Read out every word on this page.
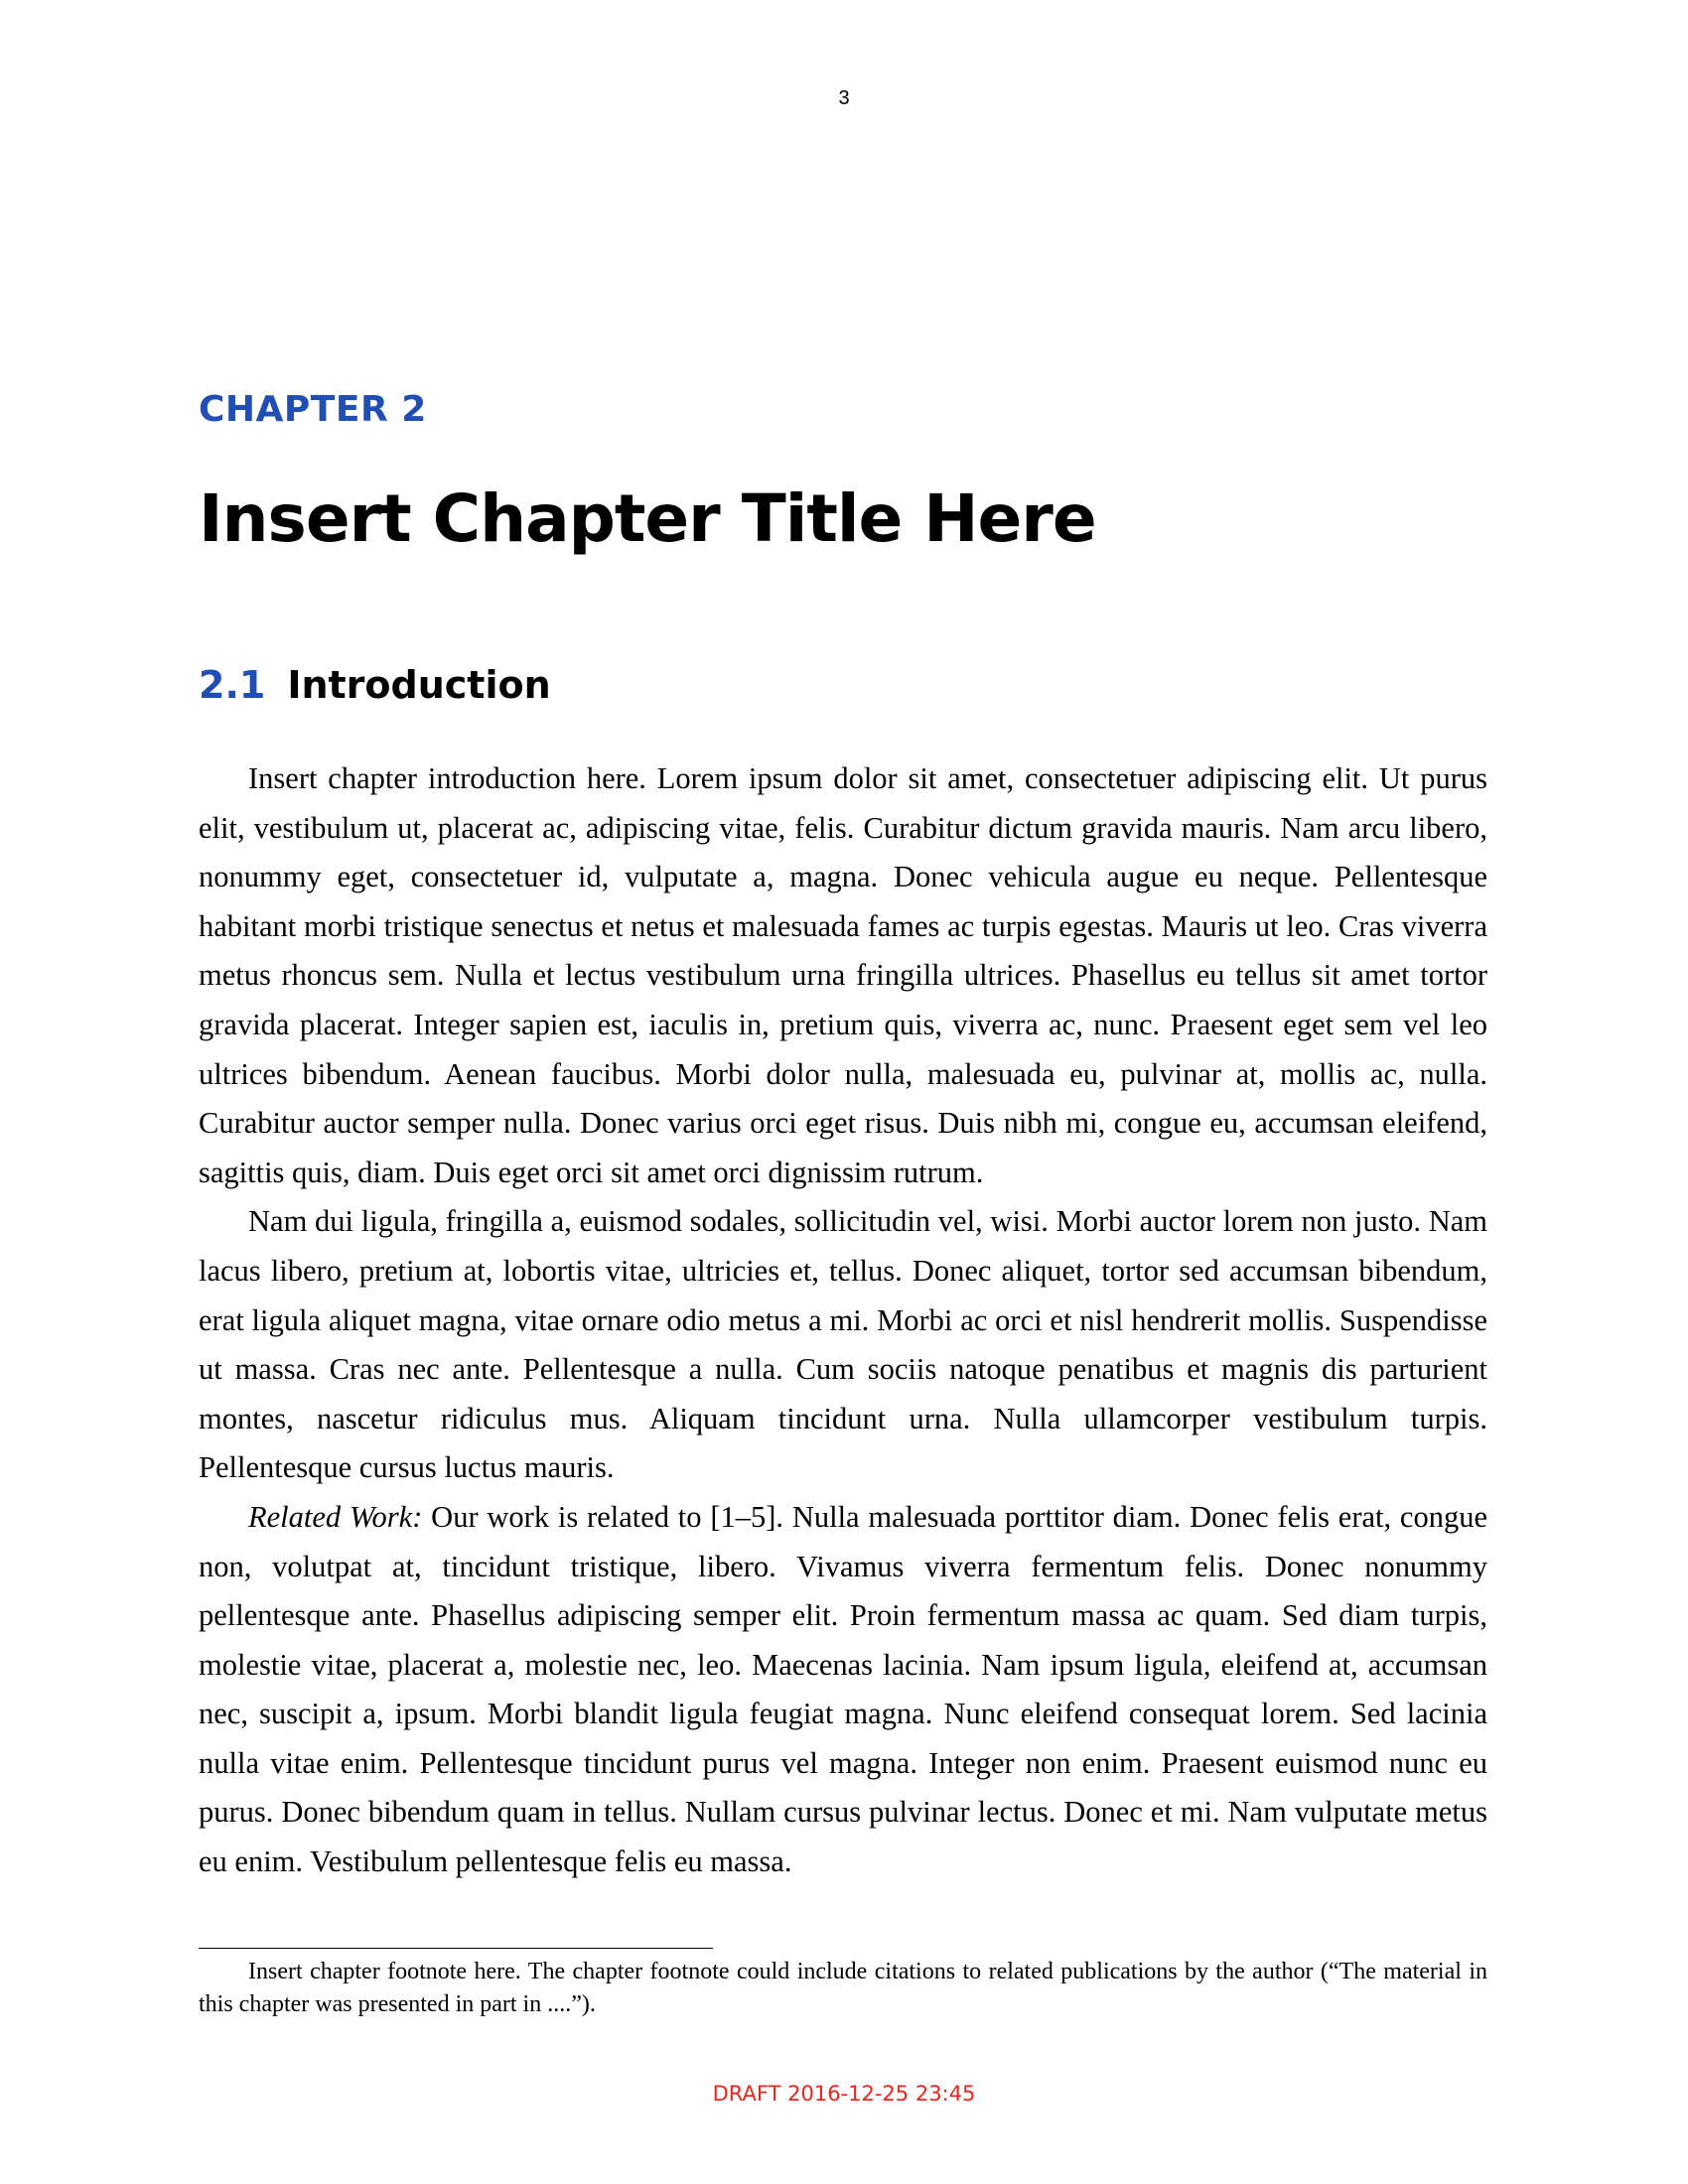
3
CHAPTER 2
Insert Chapter Title Here
2.1 Introduction

Insert chapter introduction here. Lorem ipsum dolor sit amet, consectetuer adipiscing elit. Ut purus elit, vestibulum ut, placerat ac, adipiscing vitae, felis. Curabitur dictum gravida mauris. Nam arcu libero, nonummy eget, consectetuer id, vulputate a, magna. Donec vehicula augue eu neque. Pellentesque habitant morbi tristique senectus et netus et malesuada fames ac turpis egestas. Mauris ut leo. Cras viverra metus rhoncus sem. Nulla et lectus vestibulum urna fringilla ultrices. Phasellus eu tellus sit amet tortor gravida placerat. Integer sapien est, iaculis in, pretium quis, viverra ac, nunc. Praesent eget sem vel leo ultrices bibendum. Aenean faucibus. Morbi dolor nulla, malesuada eu, pulvinar at, mollis ac, nulla. Curabitur auctor semper nulla. Donec varius orci eget risus. Duis nibh mi, congue eu, accumsan eleifend, sagittis quis, diam. Duis eget orci sit amet orci dignissim rutrum.

Nam dui ligula, fringilla a, euismod sodales, sollicitudin vel, wisi. Morbi auctor lorem non justo. Nam lacus libero, pretium at, lobortis vitae, ultricies et, tellus. Donec aliquet, tortor sed accumsan bibendum, erat ligula aliquet magna, vitae ornare odio metus a mi. Morbi ac orci et nisl hendrerit mollis. Suspendisse ut massa. Cras nec ante. Pellentesque a nulla. Cum sociis natoque penatibus et magnis dis parturient montes, nascetur ridiculus mus. Aliquam tincidunt urna. Nulla ullamcorper vestibulum turpis. Pellentesque cursus luctus mauris.

Related Work: Our work is related to [1–5]. Nulla malesuada porttitor diam. Donec felis erat, congue non, volutpat at, tincidunt tristique, libero. Vivamus viverra fermentum felis. Donec nonummy pellentesque ante. Phasellus adipiscing semper elit. Proin fermentum massa ac quam. Sed diam turpis, molestie vitae, placerat a, molestie nec, leo. Maecenas lacinia. Nam ipsum ligula, eleifend at, accumsan nec, suscipit a, ipsum. Morbi blandit ligula feugiat magna. Nunc eleifend consequat lorem. Sed lacinia nulla vitae enim. Pellentesque tincidunt purus vel magna. Integer non enim. Praesent euismod nunc eu purus. Donec bibendum quam in tellus. Nullam cursus pulvinar lectus. Donec et mi. Nam vulputate metus eu enim. Vestibulum pellentesque felis eu massa.

Insert chapter footnote here. The chapter footnote could include citations to related publications by the author (“The material in this chapter was presented in part in ....”).

DRAFT 2016-12-25 23:45
